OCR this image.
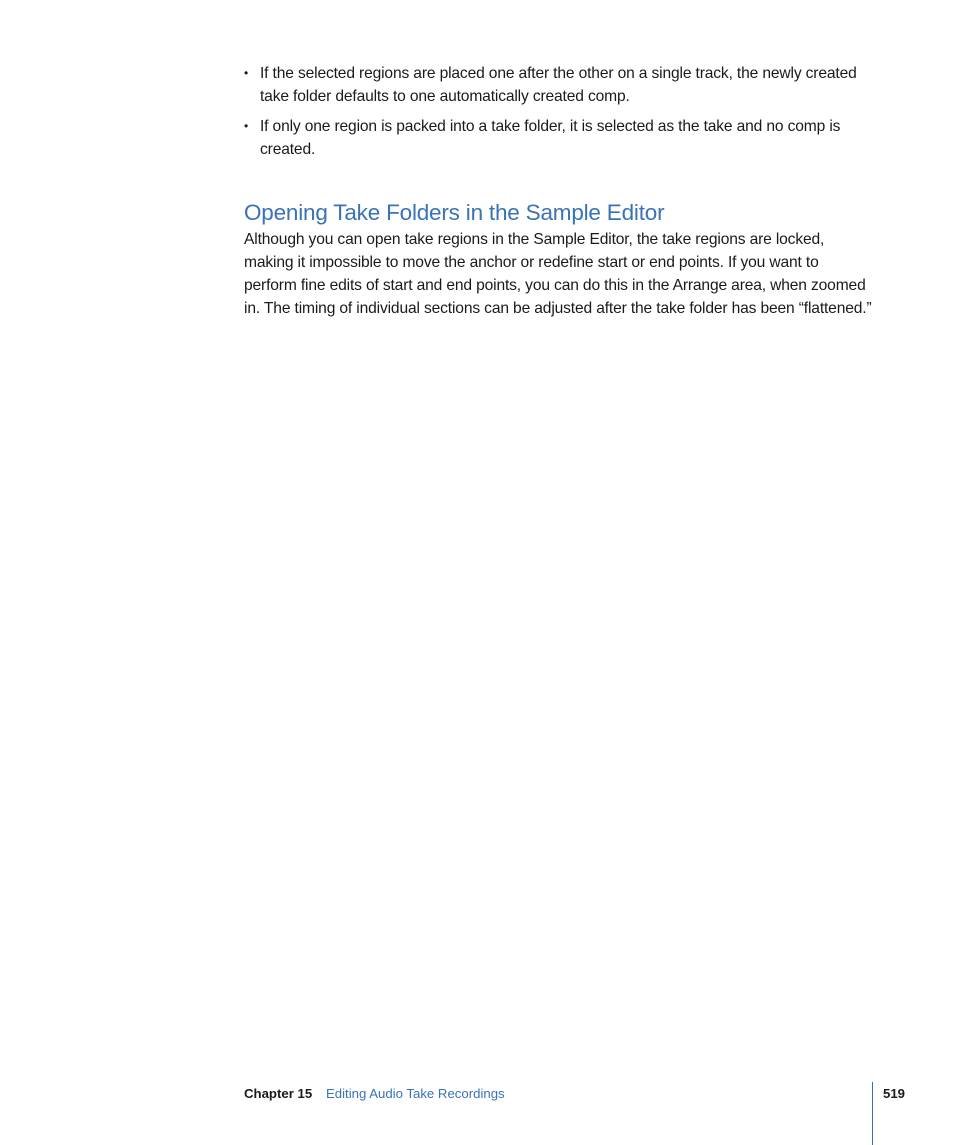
• If the selected regions are placed one after the other on a single track, the newly created take folder defaults to one automatically created comp.
• If only one region is packed into a take folder, it is selected as the take and no comp is created.
Opening Take Folders in the Sample Editor

Although you can open take regions in the Sample Editor, the take regions are locked, making it impossible to move the anchor or redefine start or end points. If you want to perform fine edits of start and end points, you can do this in the Arrange area, when zoomed in. The timing of individual sections can be adjusted after the take folder has been “flattened.”

Chapter 15 Editing Audio Take Recordings	519
